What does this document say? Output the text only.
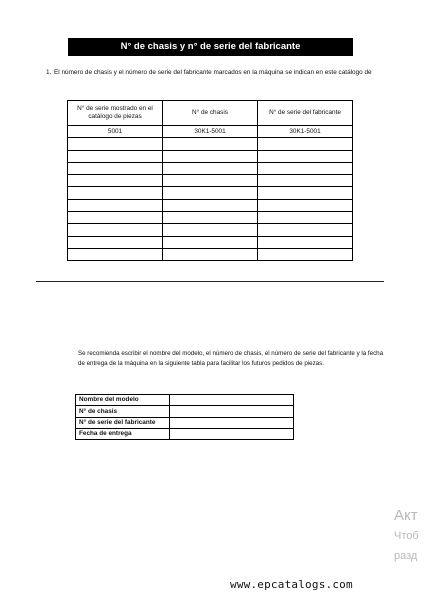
N° de chasis y n° de serie del fabricante
1. El número de chasis y el número de serie del fabricante marcados en la máquina se indican en este catálogo de
N° de serie mostrado en el catálogo de piezas	N° de chasis	N° de serie del fabricante
5001	30K1-5001	30K1-5001

Se recomienda escribir el nombre del modelo, el número de chasis, el número de serie del fabricante y la fecha de entrega de la máquina en la siguiente tabla para facilitar los futuros pedidos de piezas.
Nombre del modelo	
N° de chasis	
N° de serie del fabricante	
Fecha de entrega	
Акт
Чтоб
разд
www.epcatalogs.com
